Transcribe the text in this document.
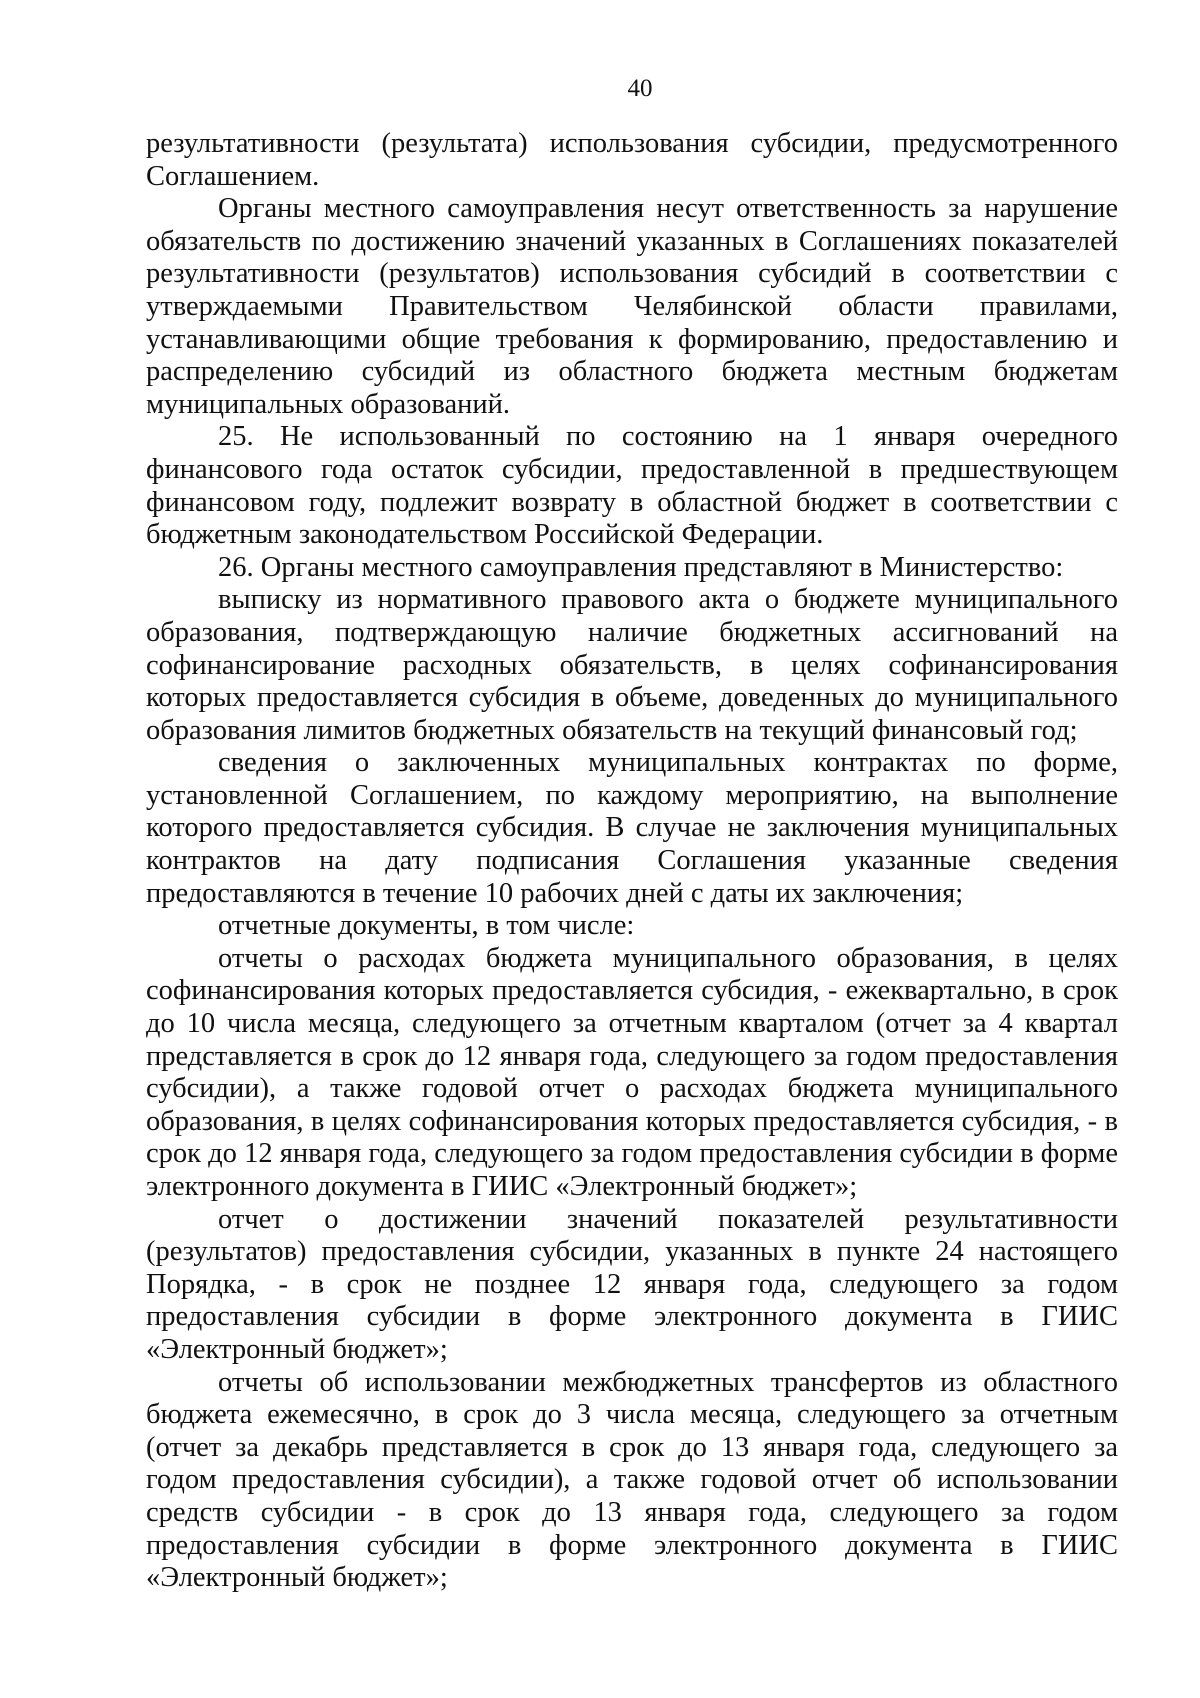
40

результативности (результата) использования субсидии, предусмотренного Соглашением.

Органы местного самоуправления несут ответственность за нарушение обязательств по достижению значений указанных в Соглашениях показателей результативности (результатов) использования субсидий в соответствии с утверждаемыми Правительством Челябинской области правилами, устанавливающими общие требования к формированию, предоставлению и распределению субсидий из областного бюджета местным бюджетам муниципальных образований.

25. Не использованный по состоянию на 1 января очередного финансового года остаток субсидии, предоставленной в предшествующем финансовом году, подлежит возврату в областной бюджет в соответствии с бюджетным законодательством Российской Федерации.

26. Органы местного самоуправления представляют в Министерство:

выписку из нормативного правового акта о бюджете муниципального образования, подтверждающую наличие бюджетных ассигнований на софинансирование расходных обязательств, в целях софинансирования которых предоставляется субсидия в объеме, доведенных до муниципального образования лимитов бюджетных обязательств на текущий финансовый год;

сведения о заключенных муниципальных контрактах по форме, установленной Соглашением, по каждому мероприятию, на выполнение которого предоставляется субсидия. В случае не заключения муниципальных контрактов на дату подписания Соглашения указанные сведения предоставляются в течение 10 рабочих дней с даты их заключения;

отчетные документы, в том числе:

отчеты о расходах бюджета муниципального образования, в целях софинансирования которых предоставляется субсидия, - ежеквартально, в срок до 10 числа месяца, следующего за отчетным кварталом (отчет за 4 квартал представляется в срок до 12 января года, следующего за годом предоставления субсидии), а также годовой отчет о расходах бюджета муниципального образования, в целях софинансирования которых предоставляется субсидия, - в срок до 12 января года, следующего за годом предоставления субсидии в форме электронного документа в ГИИС «Электронный бюджет»;

отчет о достижении значений показателей результативности (результатов) предоставления субсидии, указанных в пункте 24 настоящего Порядка, - в срок не позднее 12 января года, следующего за годом предоставления субсидии в форме электронного документа в ГИИС «Электронный бюджет»;

отчеты об использовании межбюджетных трансфертов из областного бюджета ежемесячно, в срок до 3 числа месяца, следующего за отчетным (отчет за декабрь представляется в срок до 13 января года, следующего за годом предоставления субсидии), а также годовой отчет об использовании средств субсидии - в срок до 13 января года, следующего за годом предоставления субсидии в форме электронного документа в ГИИС «Электронный бюджет»;
